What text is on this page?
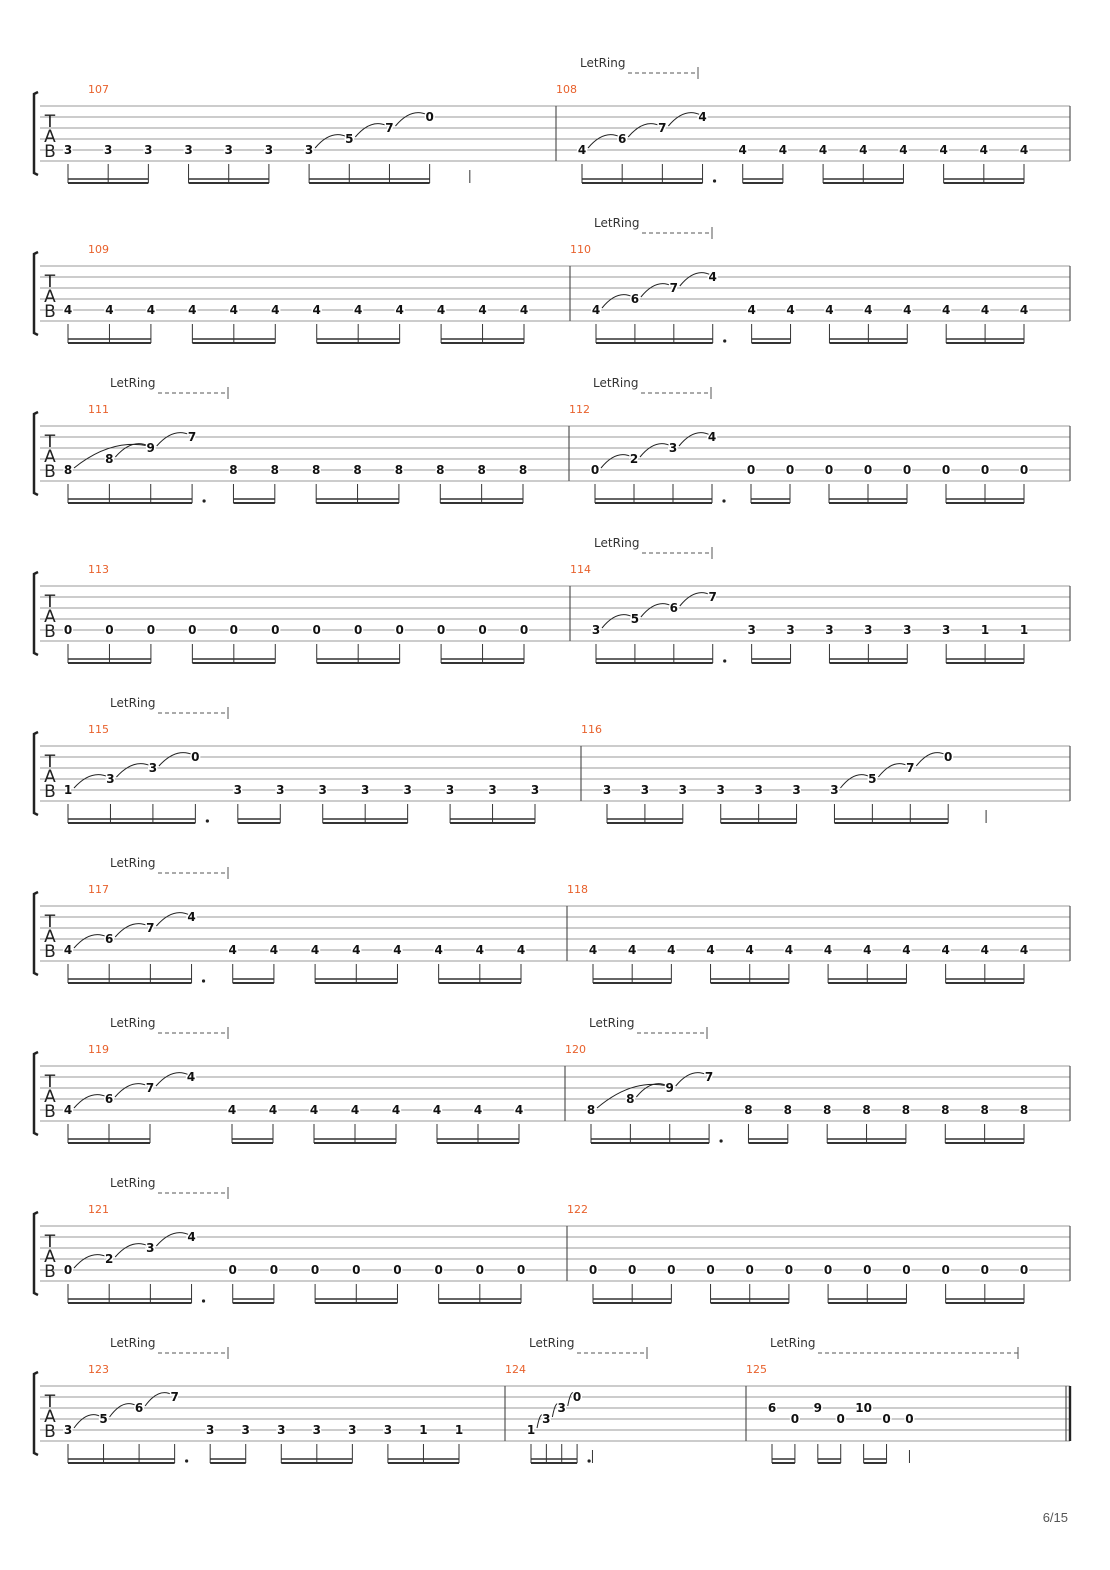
T
A
B
107
3	3	3	3	3	3	3
5
7
0
108
LetRing
4
6
7
4
4	4	4	4	4	4	4	4
T
A
B
109
4	4	4	4	4	4	4	4	4	4	4	4
110
LetRing
4
6
7
4
4	4	4	4	4	4	4	4
T
A
B
111
LetRing
8
8
9
7
8	8	8	8	8	8	8	8
112
LetRing
0
2
3
4
0	0	0	0	0	0	0	0
T
A
B
113
0	0	0	0	0	0	0	0	0	0	0	0
114
LetRing
3
5
6
7
3	3	3	3	3	3	1	1
T
A
B
115
LetRing
1
3
3
0
3	3	3	3	3	3	3	3
116
3 3 3 3 3 3 3
5
7
0
T
A
B
117
LetRing
4
6
7
4
4	4	4	4	4	4	4	4
118
4	4	4	4	4	4	4	4	4	4	4	4
T
A
B
119
LetRing
4
6
7
4
4	4	4	4	4	4	4	4
120
LetRing
8
8
9
7
8	8	8	8	8	8	8	8
T
A
B
121
LetRing
0
2
3
4
0	0	0	0	0	0	0	0
122
0	0	0	0	0	0	0	0	0	0	0	0
T
A
B
123
LetRing
3
5
6
7
3 3 3 3 3 3 1 1
124
LetRing
1
3
3
0
125
LetRing
6
0
9
0
10
0 0
6/15
